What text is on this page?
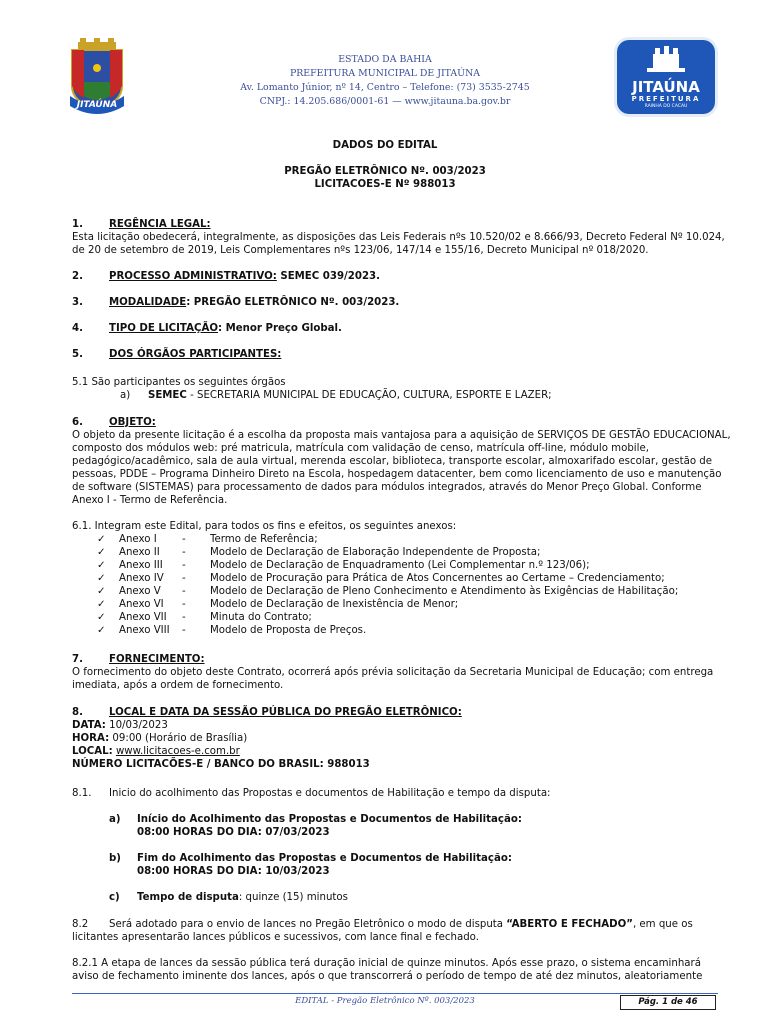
JITAÚNA
ESTADO DA BAHIA
PREFEITURA MUNICIPAL DE JITAÚNA
Av. Lomanto Júnior, nº 14, Centro – Telefone: (73) 3535-2745
CNPJ.: 14.205.686/0001-61 — www.jitauna.ba.gov.br
JITAÚNA
PREFEITURA
RAINHA DO CACAU
DADOS DO EDITAL
PREGÃO ELETRÔNICO Nº. 003/2023
LICITACOES-E Nº 988013
1.	REGÊNCIA LEGAL:
Esta licitação obedecerá, integralmente, as disposições das Leis Federais nºs 10.520/02 e 8.666/93, Decreto Federal Nº 10.024,
de 20 de setembro de 2019, Leis Complementares nºs 123/06, 147/14 e 155/16, Decreto Municipal nº 018/2020.
2.	PROCESSO ADMINISTRATIVO: SEMEC 039/2023.
3.	MODALIDADE: PREGÃO ELETRÔNICO Nº. 003/2023.
4.	TIPO DE LICITAÇÃO: Menor Preço Global.
5.	DOS ÓRGÃOS PARTICIPANTES:
5.1 São participantes os seguintes órgãos
a) SEMEC - SECRETARIA MUNICIPAL DE EDUCAÇÃO, CULTURA, ESPORTE E LAZER;
6.	OBJETO:
O objeto da presente licitação é a escolha da proposta mais vantajosa para a aquisição de SERVIÇOS DE GESTÃO EDUCACIONAL,
composto dos módulos web: pré matricula, matrícula com validação de censo, matrícula off-line, módulo mobile,
pedagógico/acadêmico, sala de aula virtual, merenda escolar, biblioteca, transporte escolar, almoxarifado escolar, gestão de
pessoas, PDDE – Programa Dinheiro Direto na Escola, hospedagem datacenter, bem como licenciamento de uso e manutenção
de software (SISTEMAS) para processamento de dados para módulos integrados, através do Menor Preço Global. Conforme
Anexo I - Termo de Referência.
6.1. Integram este Edital, para todos os fins e efeitos, os seguintes anexos:
✓ Anexo I - Termo de Referência;
✓ Anexo II - Modelo de Declaração de Elaboração Independente de Proposta;
✓ Anexo III - Modelo de Declaração de Enquadramento (Lei Complementar n.º 123/06);
✓ Anexo IV - Modelo de Procuração para Prática de Atos Concernentes ao Certame – Credenciamento;
✓ Anexo V - Modelo de Declaração de Pleno Conhecimento e Atendimento às Exigências de Habilitação;
✓ Anexo VI - Modelo de Declaração de Inexistência de Menor;
✓ Anexo VII - Minuta do Contrato;
✓ Anexo VIII - Modelo de Proposta de Preços.
7.	FORNECIMENTO:
O fornecimento do objeto deste Contrato, ocorrerá após prévia solicitação da Secretaria Municipal de Educação; com entrega
imediata, após a ordem de fornecimento.
8.	LOCAL E DATA DA SESSÃO PÚBLICA DO PREGÃO ELETRÔNICO:
DATA: 10/03/2023
HORA: 09:00 (Horário de Brasília)
LOCAL: www.licitacoes-e.com.br
NÚMERO LICITACÕES-E / BANCO DO BRASIL: 988013
8.1. Inicio do acolhimento das Propostas e documentos de Habilitação e tempo da disputa:
a) Início do Acolhimento das Propostas e Documentos de Habilitação:
08:00 HORAS DO DIA: 07/03/2023
b) Fim do Acolhimento das Propostas e Documentos de Habilitação:
08:00 HORAS DO DIA: 10/03/2023
c) Tempo de disputa: quinze (15) minutos
8.2 Será adotado para o envio de lances no Pregão Eletrônico o modo de disputa “ABERTO E FECHADO”, em que os
licitantes apresentarão lances públicos e sucessivos, com lance final e fechado.
8.2.1 A etapa de lances da sessão pública terá duração inicial de quinze minutos. Após esse prazo, o sistema encaminhará
aviso de fechamento iminente dos lances, após o que transcorrerá o período de tempo de até dez minutos, aleatoriamente
EDITAL - Pregão Eletrônico Nº. 003/2023	Pág. 1 de 46
